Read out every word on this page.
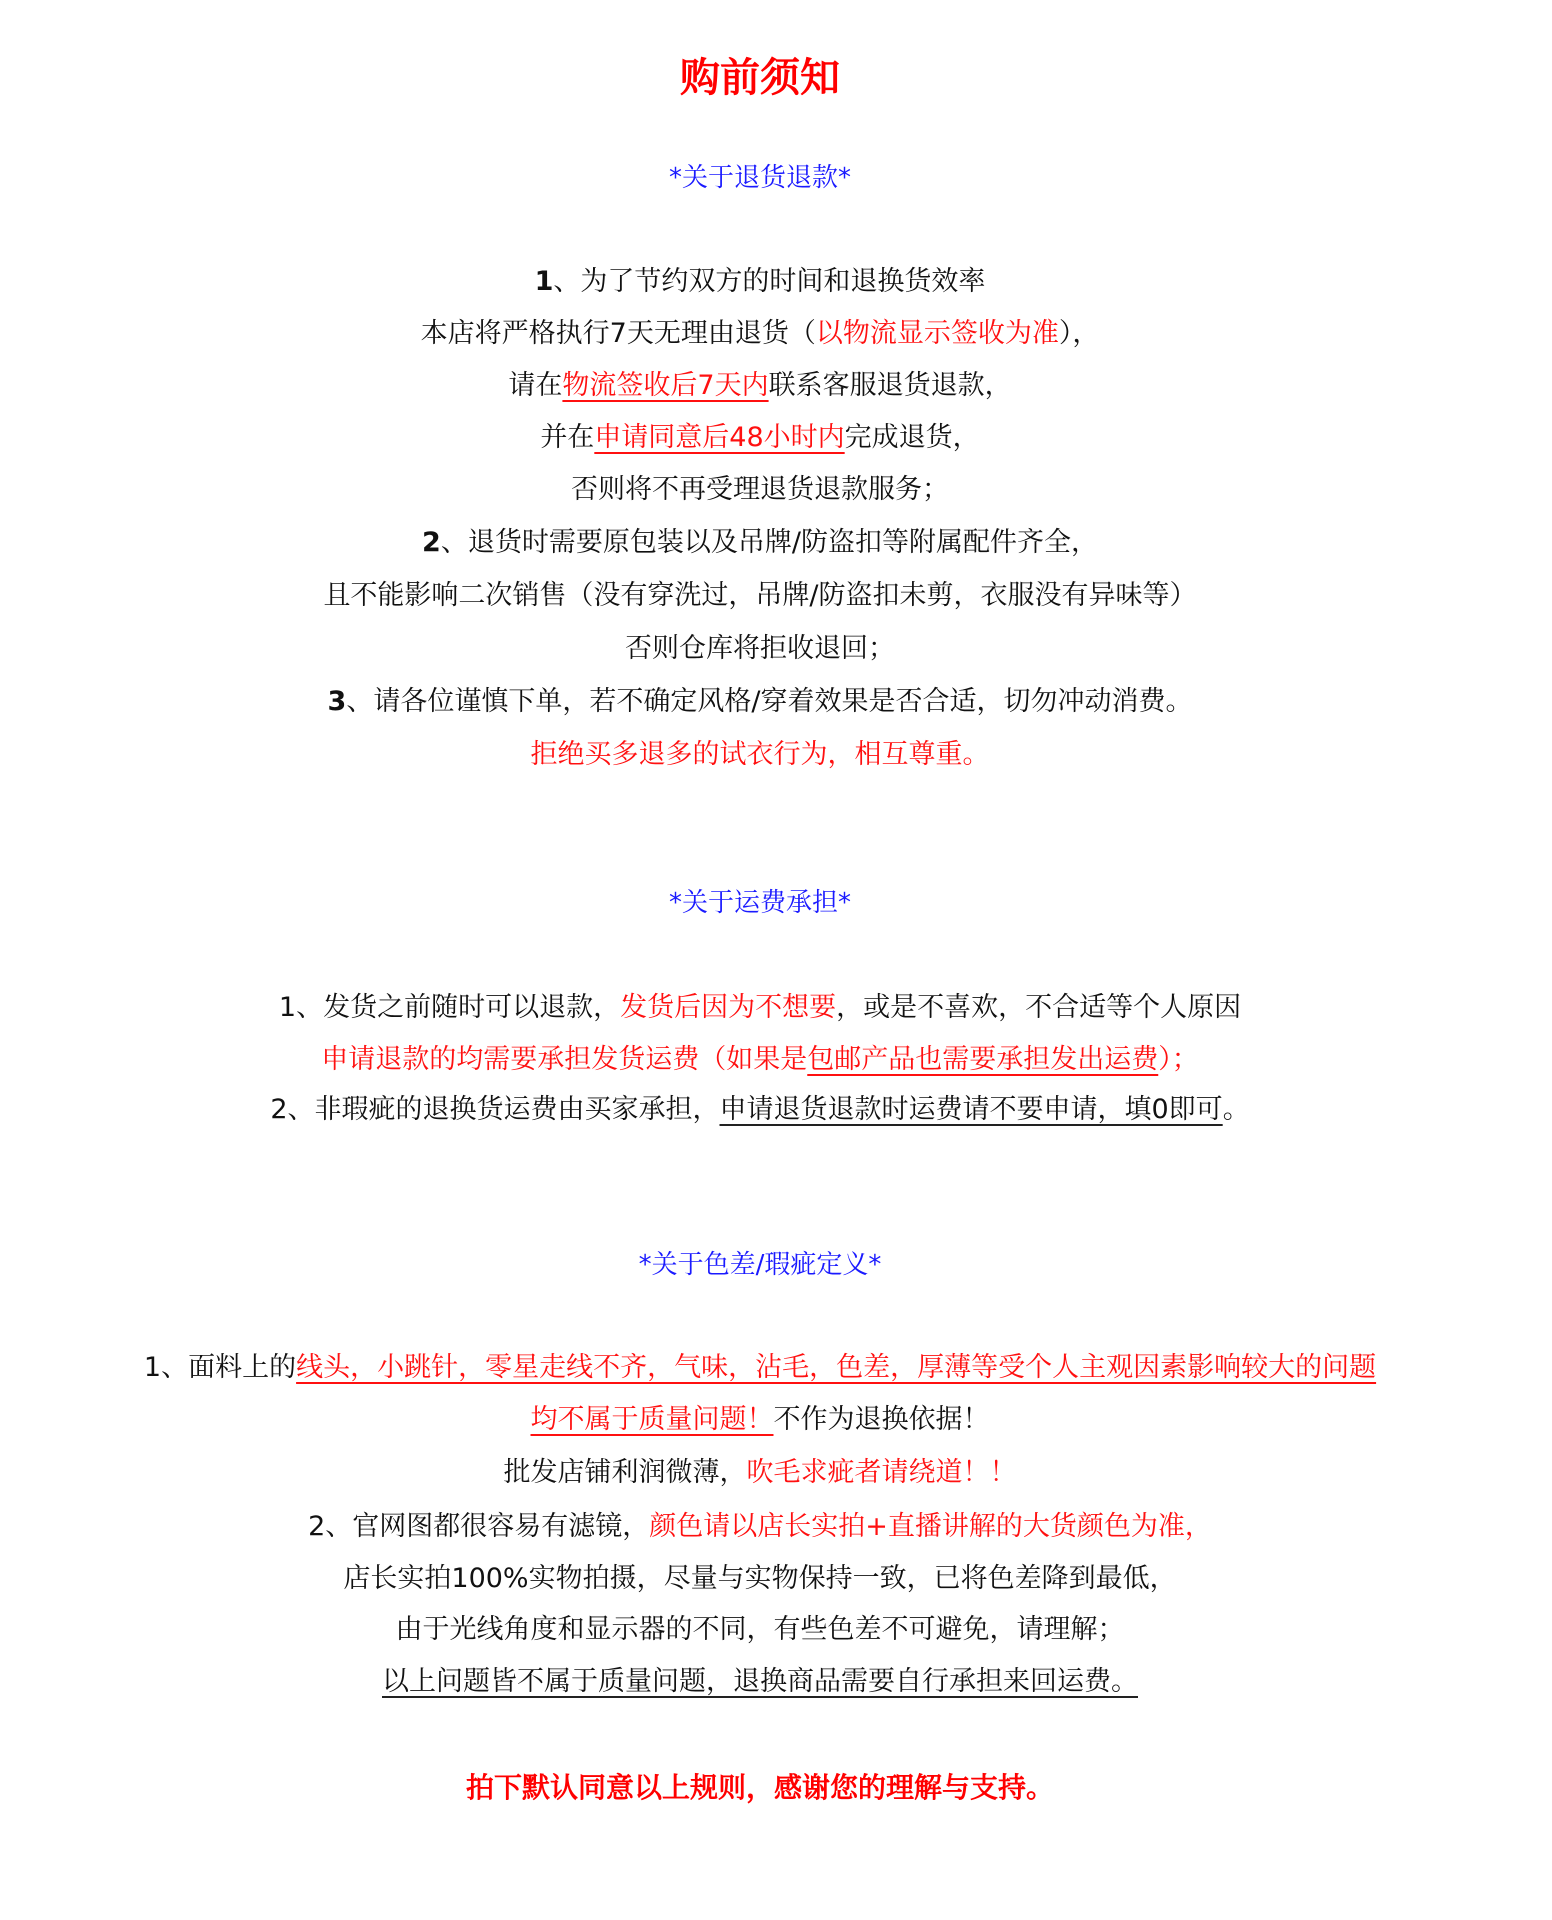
购前须知
*关于退货退款*
1、为了节约双方的时间和退换货效率
本店将严格执行7天无理由退货（以物流显示签收为准），
请在物流签收后7天内联系客服退货退款，
并在申请同意后48小时内完成退货，
否则将不再受理退货退款服务；
2、退货时需要原包装以及吊牌/防盗扣等附属配件齐全，
且不能影响二次销售（没有穿洗过，吊牌/防盗扣未剪，衣服没有异味等）
否则仓库将拒收退回；
3、请各位谨慎下单，若不确定风格/穿着效果是否合适，切勿冲动消费。
拒绝买多退多的试衣行为，相互尊重。
*关于运费承担*
1、发货之前随时可以退款，发货后因为不想要，或是不喜欢，不合适等个人原因
申请退款的均需要承担发货运费（如果是包邮产品也需要承担发出运费）；
2、非瑕疵的退换货运费由买家承担，申请退货退款时运费请不要申请，填0即可。
*关于色差/瑕疵定义*
1、面料上的线头，小跳针，零星走线不齐，气味，沾毛，色差，厚薄等受个人主观因素影响较大的问题
均不属于质量问题！不作为退换依据！
批发店铺利润微薄，吹毛求疵者请绕道！！
2、官网图都很容易有滤镜，颜色请以店长实拍+直播讲解的大货颜色为准，
店长实拍100%实物拍摄，尽量与实物保持一致，已将色差降到最低，
由于光线角度和显示器的不同，有些色差不可避免，请理解；
以上问题皆不属于质量问题，退换商品需要自行承担来回运费。
拍下默认同意以上规则，感谢您的理解与支持。
